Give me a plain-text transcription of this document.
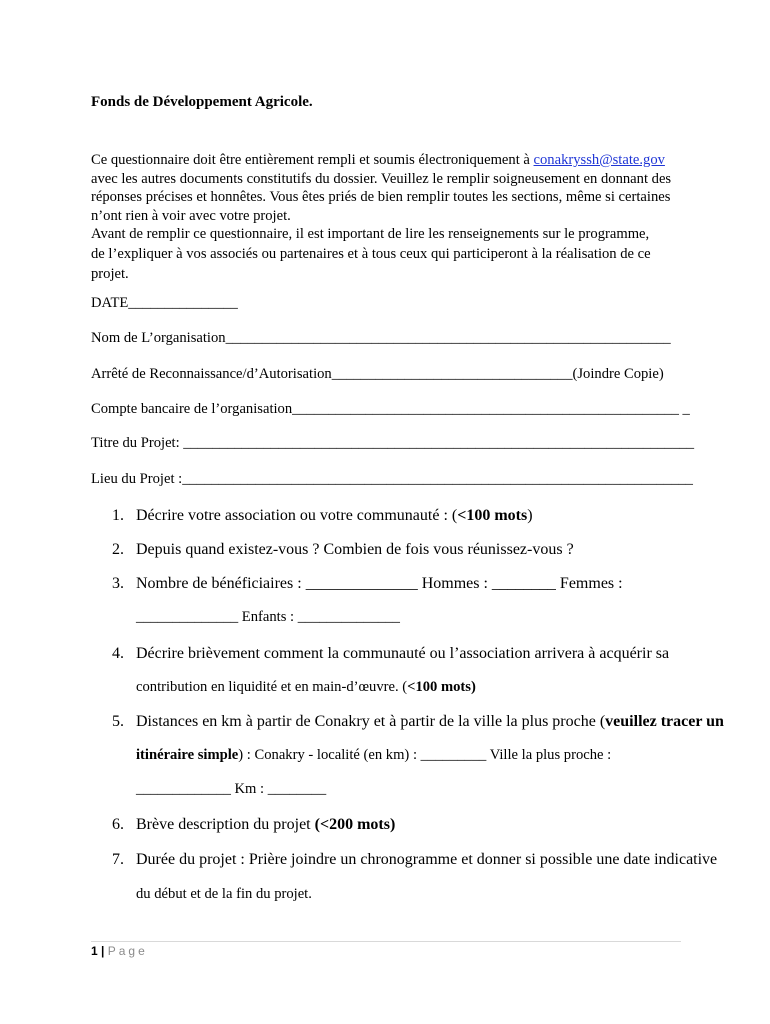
Fonds de Développement Agricole.

Ce questionnaire doit être entièrement rempli et soumis électroniquement à conakryssh@state.gov avec les autres documents constitutifs du dossier. Veuillez le remplir soigneusement en donnant des réponses précises et honnêtes. Vous êtes priés de bien remplir toutes les sections, même si certaines n’ont rien à voir avec votre projet.

Avant de remplir ce questionnaire, il est important de lire les renseignements sur le programme,

de l’expliquer à vos associés ou partenaires et à tous ceux qui participeront à la réalisation de ce projet.

DATE_______________
Nom de L’organisation_____________________________________________________________
Arrêté de Reconnaissance/d’Autorisation_________________________________(Joindre Copie)
Compte bancaire de l’organisation_____________________________________________________ _
Titre du Projet: ______________________________________________________________________
Lieu du Projet :______________________________________________________________________
1. Décrire votre association ou votre communauté : (<100 mots)
2. Depuis quand existez-vous ? Combien de fois vous réunissez-vous ?
3. Nombre de bénéficiaires : ______________ Hommes : ________ Femmes :
______________ Enfants : ______________
4. Décrire brièvement comment la communauté ou l’association arrivera à acquérir sa
contribution en liquidité et en main-d’œuvre. (<100 mots)
5. Distances en km à partir de Conakry et à partir de la ville la plus proche (veuillez tracer un
itinéraire simple) : Conakry - localité (en km) : _________ Ville la plus proche :
_____________ Km : ________
6. Brève description du projet (<200 mots)
7. Durée du projet : Prière joindre un chronogramme et donner si possible une date indicative
du début et de la fin du projet.
1 | Page
